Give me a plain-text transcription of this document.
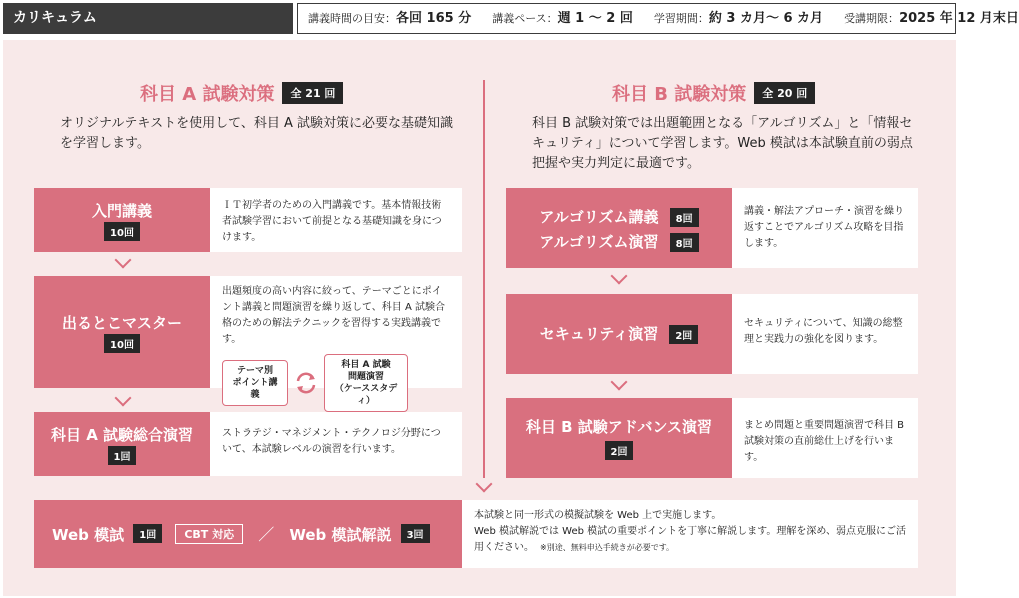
カリキュラム	講義時間の目安：各回 165 分 講義ペース：週 1 〜 2 回 学習期間：約 3 カ月〜 6 カ月 受講期限：2025 年 12 月末日
科目 A 試験対策 全 21 回
オリジナルテキストを使用して、科目 A 試験対策に必要な基礎知識を学習します。
入門講義
10回
ＩＴ初学者のための入門講義です。基本情報技術者試験学習において前提となる基礎知識を身につけます。
出るとこマスター
10回
出題頻度の高い内容に絞って、テーマごとにポイント講義と問題演習を繰り返して、科目 A 試験合格のための解法テクニックを習得する実践講義です。
テーマ別
ポイント講義
科目 A 試験
問題演習
（ケーススタディ）
科目 A 試験総合演習
1回
ストラテジ・マネジメント・テクノロジ分野について、本試験レベルの演習を行います。
科目 B 試験対策 全 20 回
科目 B 試験対策では出題範囲となる「アルゴリズム」と「情報セキュリティ」について学習します。Web 模試は本試験直前の弱点把握や実力判定に最適です。
アルゴリズム講義 8回
アルゴリズム演習 8回
講義・解法アプローチ・演習を繰り返すことでアルゴリズム攻略を目指します。
セキュリティ演習 2回
セキュリティについて、知識の総整理と実践力の強化を図ります。
科目 B 試験アドバンス演習
2回
まとめ問題と重要問題演習で科目 B 試験対策の直前総仕上げを行います。
Web 模試 1回	CBT 対応 ／ Web 模試解説 3回
本試験と同一形式の模擬試験を Web 上で実施します。
Web 模試解説では Web 模試の重要ポイントを丁寧に解説します。理解を深め、弱点克服にご活用ください。 ※別途、無料申込手続きが必要です。
